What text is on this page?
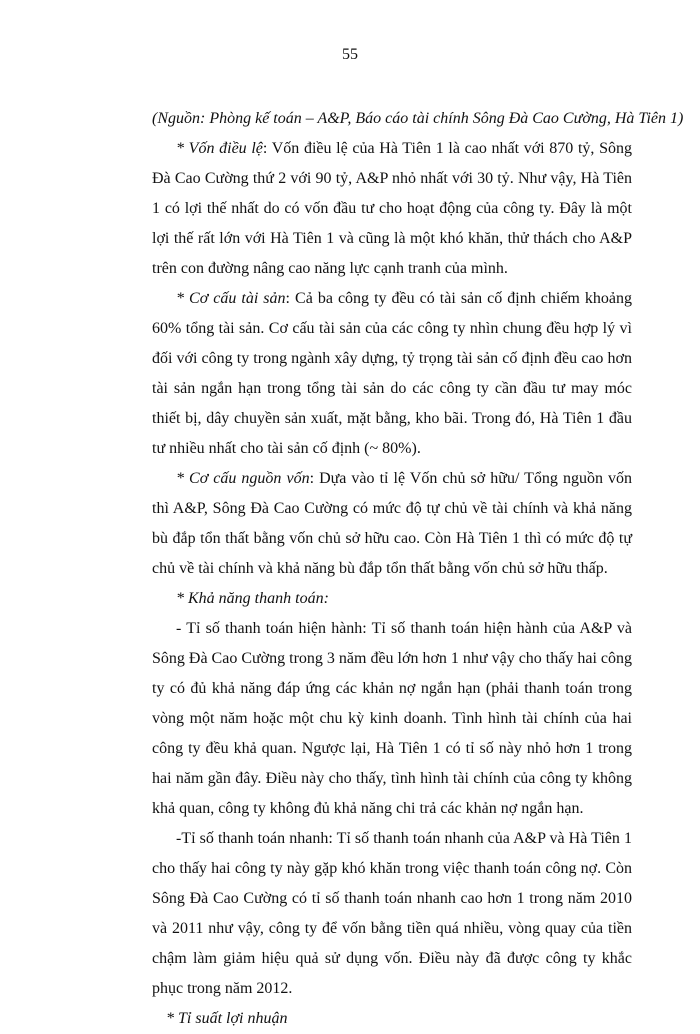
55
(Nguồn: Phòng kế toán – A&P, Báo cáo tài chính Sông Đà Cao Cường, Hà Tiên 1)

* Vốn điều lệ: Vốn điều lệ của Hà Tiên 1 là cao nhất với 870 tỷ, Sông Đà Cao Cường thứ 2 với 90 tỷ, A&P nhỏ nhất với 30 tỷ. Như vậy, Hà Tiên 1 có lợi thế nhất do có vốn đầu tư cho hoạt động của công ty. Đây là một lợi thế rất lớn với Hà Tiên 1 và cũng là một khó khăn, thử thách cho A&P trên con đường nâng cao năng lực cạnh tranh của mình.

* Cơ cấu tài sản: Cả ba công ty đều có tài sản cố định chiếm khoảng 60% tổng tài sản. Cơ cấu tài sản của các công ty nhìn chung đều hợp lý vì đối với công ty trong ngành xây dựng, tỷ trọng tài sản cố định đều cao hơn tài sản ngắn hạn trong tổng tài sản do các công ty cần đầu tư may móc thiết bị, dây chuyền sản xuất, mặt bằng, kho bãi. Trong đó, Hà Tiên 1 đầu tư nhiều nhất cho tài sản cố định (~ 80%).

* Cơ cấu nguồn vốn: Dựa vào tỉ lệ Vốn chủ sở hữu/ Tổng nguồn vốn thì A&P, Sông Đà Cao Cường có mức độ tự chủ về tài chính và khả năng bù đắp tổn thất bằng vốn chủ sở hữu cao. Còn Hà Tiên 1 thì có mức độ tự chủ về tài chính và khả năng bù đắp tổn thất bằng vốn chủ sở hữu thấp.

* Khả năng thanh toán:

- Tỉ số thanh toán hiện hành: Tỉ số thanh toán hiện hành của A&P và Sông Đà Cao Cường trong 3 năm đều lớn hơn 1 như vậy cho thấy hai công ty có đủ khả năng đáp ứng các khản nợ ngắn hạn (phải thanh toán trong vòng một năm hoặc một chu kỳ kinh doanh. Tình hình tài chính của hai công ty đều khả quan. Ngược lại, Hà Tiên 1 có tỉ số này nhỏ hơn 1 trong hai năm gần đây. Điều này cho thấy, tình hình tài chính của công ty không khả quan, công ty không đủ khả năng chi trả các khản nợ ngắn hạn.

-Tỉ số thanh toán nhanh: Tỉ số thanh toán nhanh của A&P và Hà Tiên 1 cho thấy hai công ty này gặp khó khăn trong việc thanh toán công nợ. Còn Sông Đà Cao Cường có tỉ số thanh toán nhanh cao hơn 1 trong năm 2010 và 2011 như vậy, công ty để vốn bằng tiền quá nhiều, vòng quay của tiền chậm làm giảm hiệu quả sử dụng vốn. Điều này đã được công ty khắc phục trong năm 2012.

* Tỉ suất lợi nhuận
